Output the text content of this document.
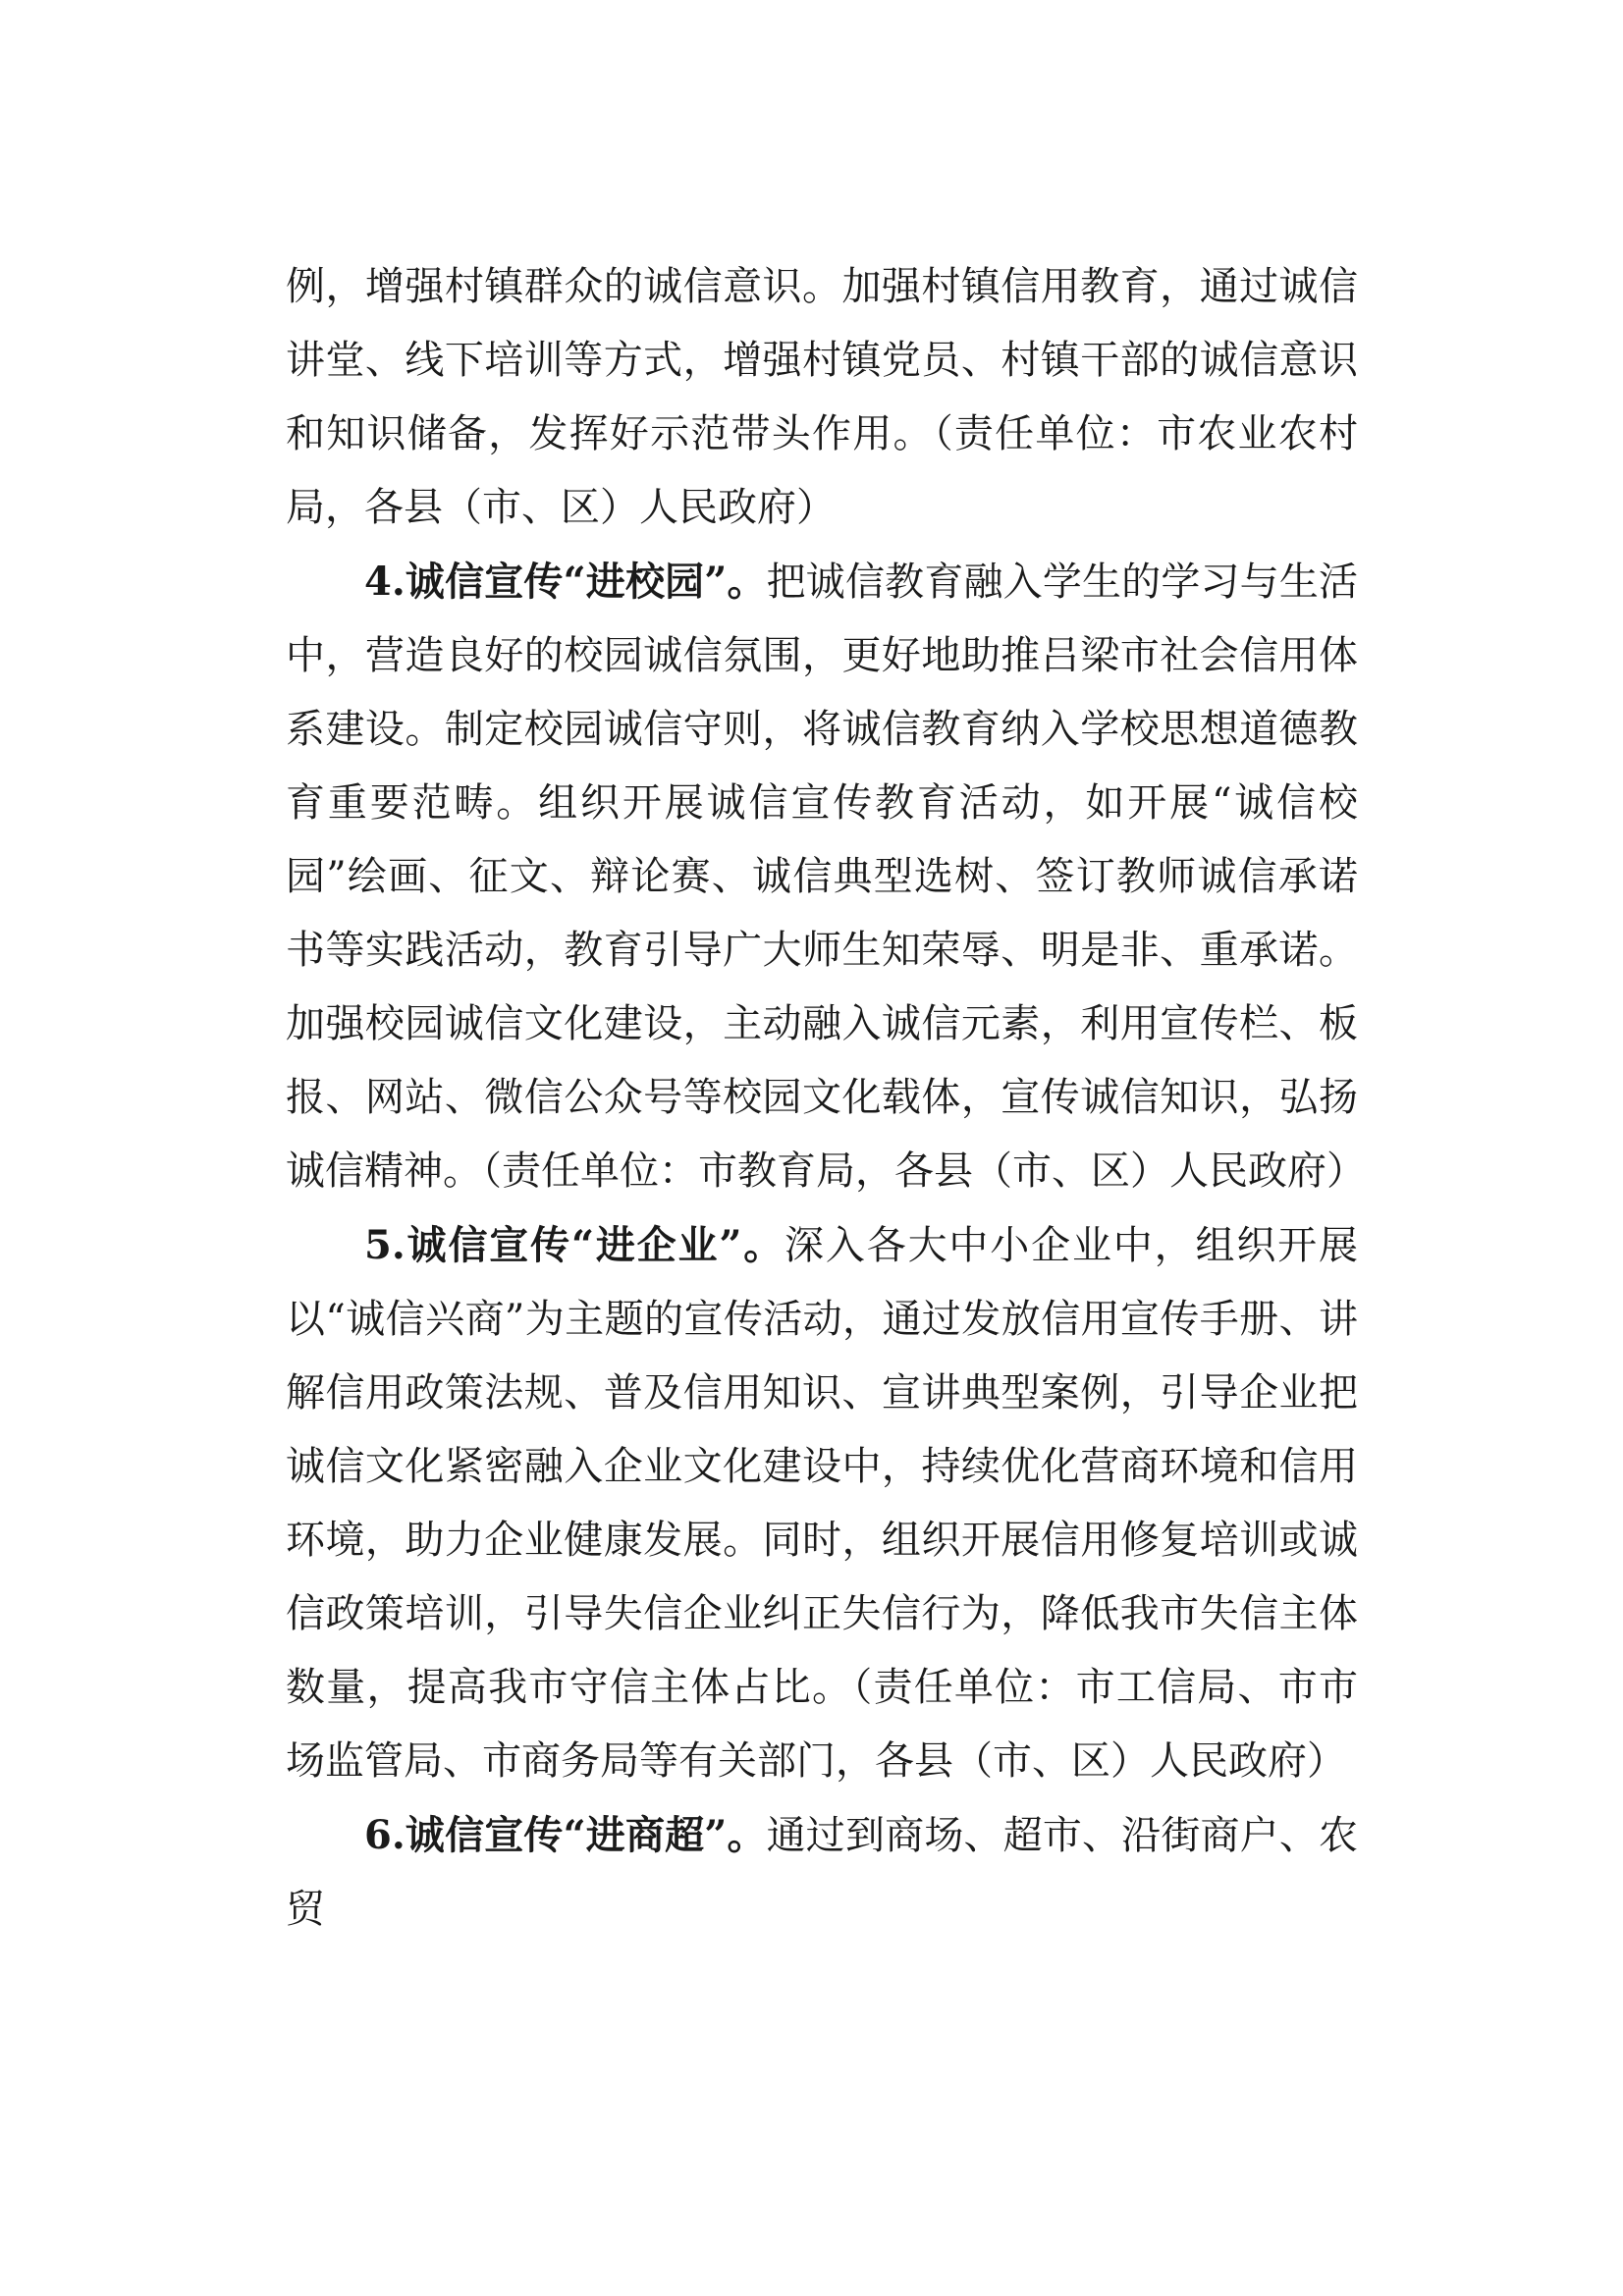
例，增强村镇群众的诚信意识。加强村镇信用教育，通过诚信讲堂、线下培训等方式，增强村镇党员、村镇干部的诚信意识和知识储备，发挥好示范带头作用。（责任单位：市农业农村局，各县（市、区）人民政府）

4.诚信宣传“进校园”。把诚信教育融入学生的学习与生活中，营造良好的校园诚信氛围，更好地助推吕梁市社会信用体系建设。制定校园诚信守则，将诚信教育纳入学校思想道德教育重要范畴。组织开展诚信宣传教育活动，如开展“诚信校园”绘画、征文、辩论赛、诚信典型选树、签订教师诚信承诺书等实践活动，教育引导广大师生知荣辱、明是非、重承诺。加强校园诚信文化建设，主动融入诚信元素，利用宣传栏、板报、网站、微信公众号等校园文化载体，宣传诚信知识，弘扬诚信精神。（责任单位：市教育局，各县（市、区）人民政府）

5.诚信宣传“进企业”。深入各大中小企业中，组织开展以“诚信兴商”为主题的宣传活动，通过发放信用宣传手册、讲解信用政策法规、普及信用知识、宣讲典型案例，引导企业把诚信文化紧密融入企业文化建设中，持续优化营商环境和信用环境，助力企业健康发展。同时，组织开展信用修复培训或诚信政策培训，引导失信企业纠正失信行为，降低我市失信主体数量，提高我市守信主体占比。（责任单位：市工信局、市市场监管局、市商务局等有关部门，各县（市、区）人民政府）

6.诚信宣传“进商超”。通过到商场、超市、沿街商户、农贸
